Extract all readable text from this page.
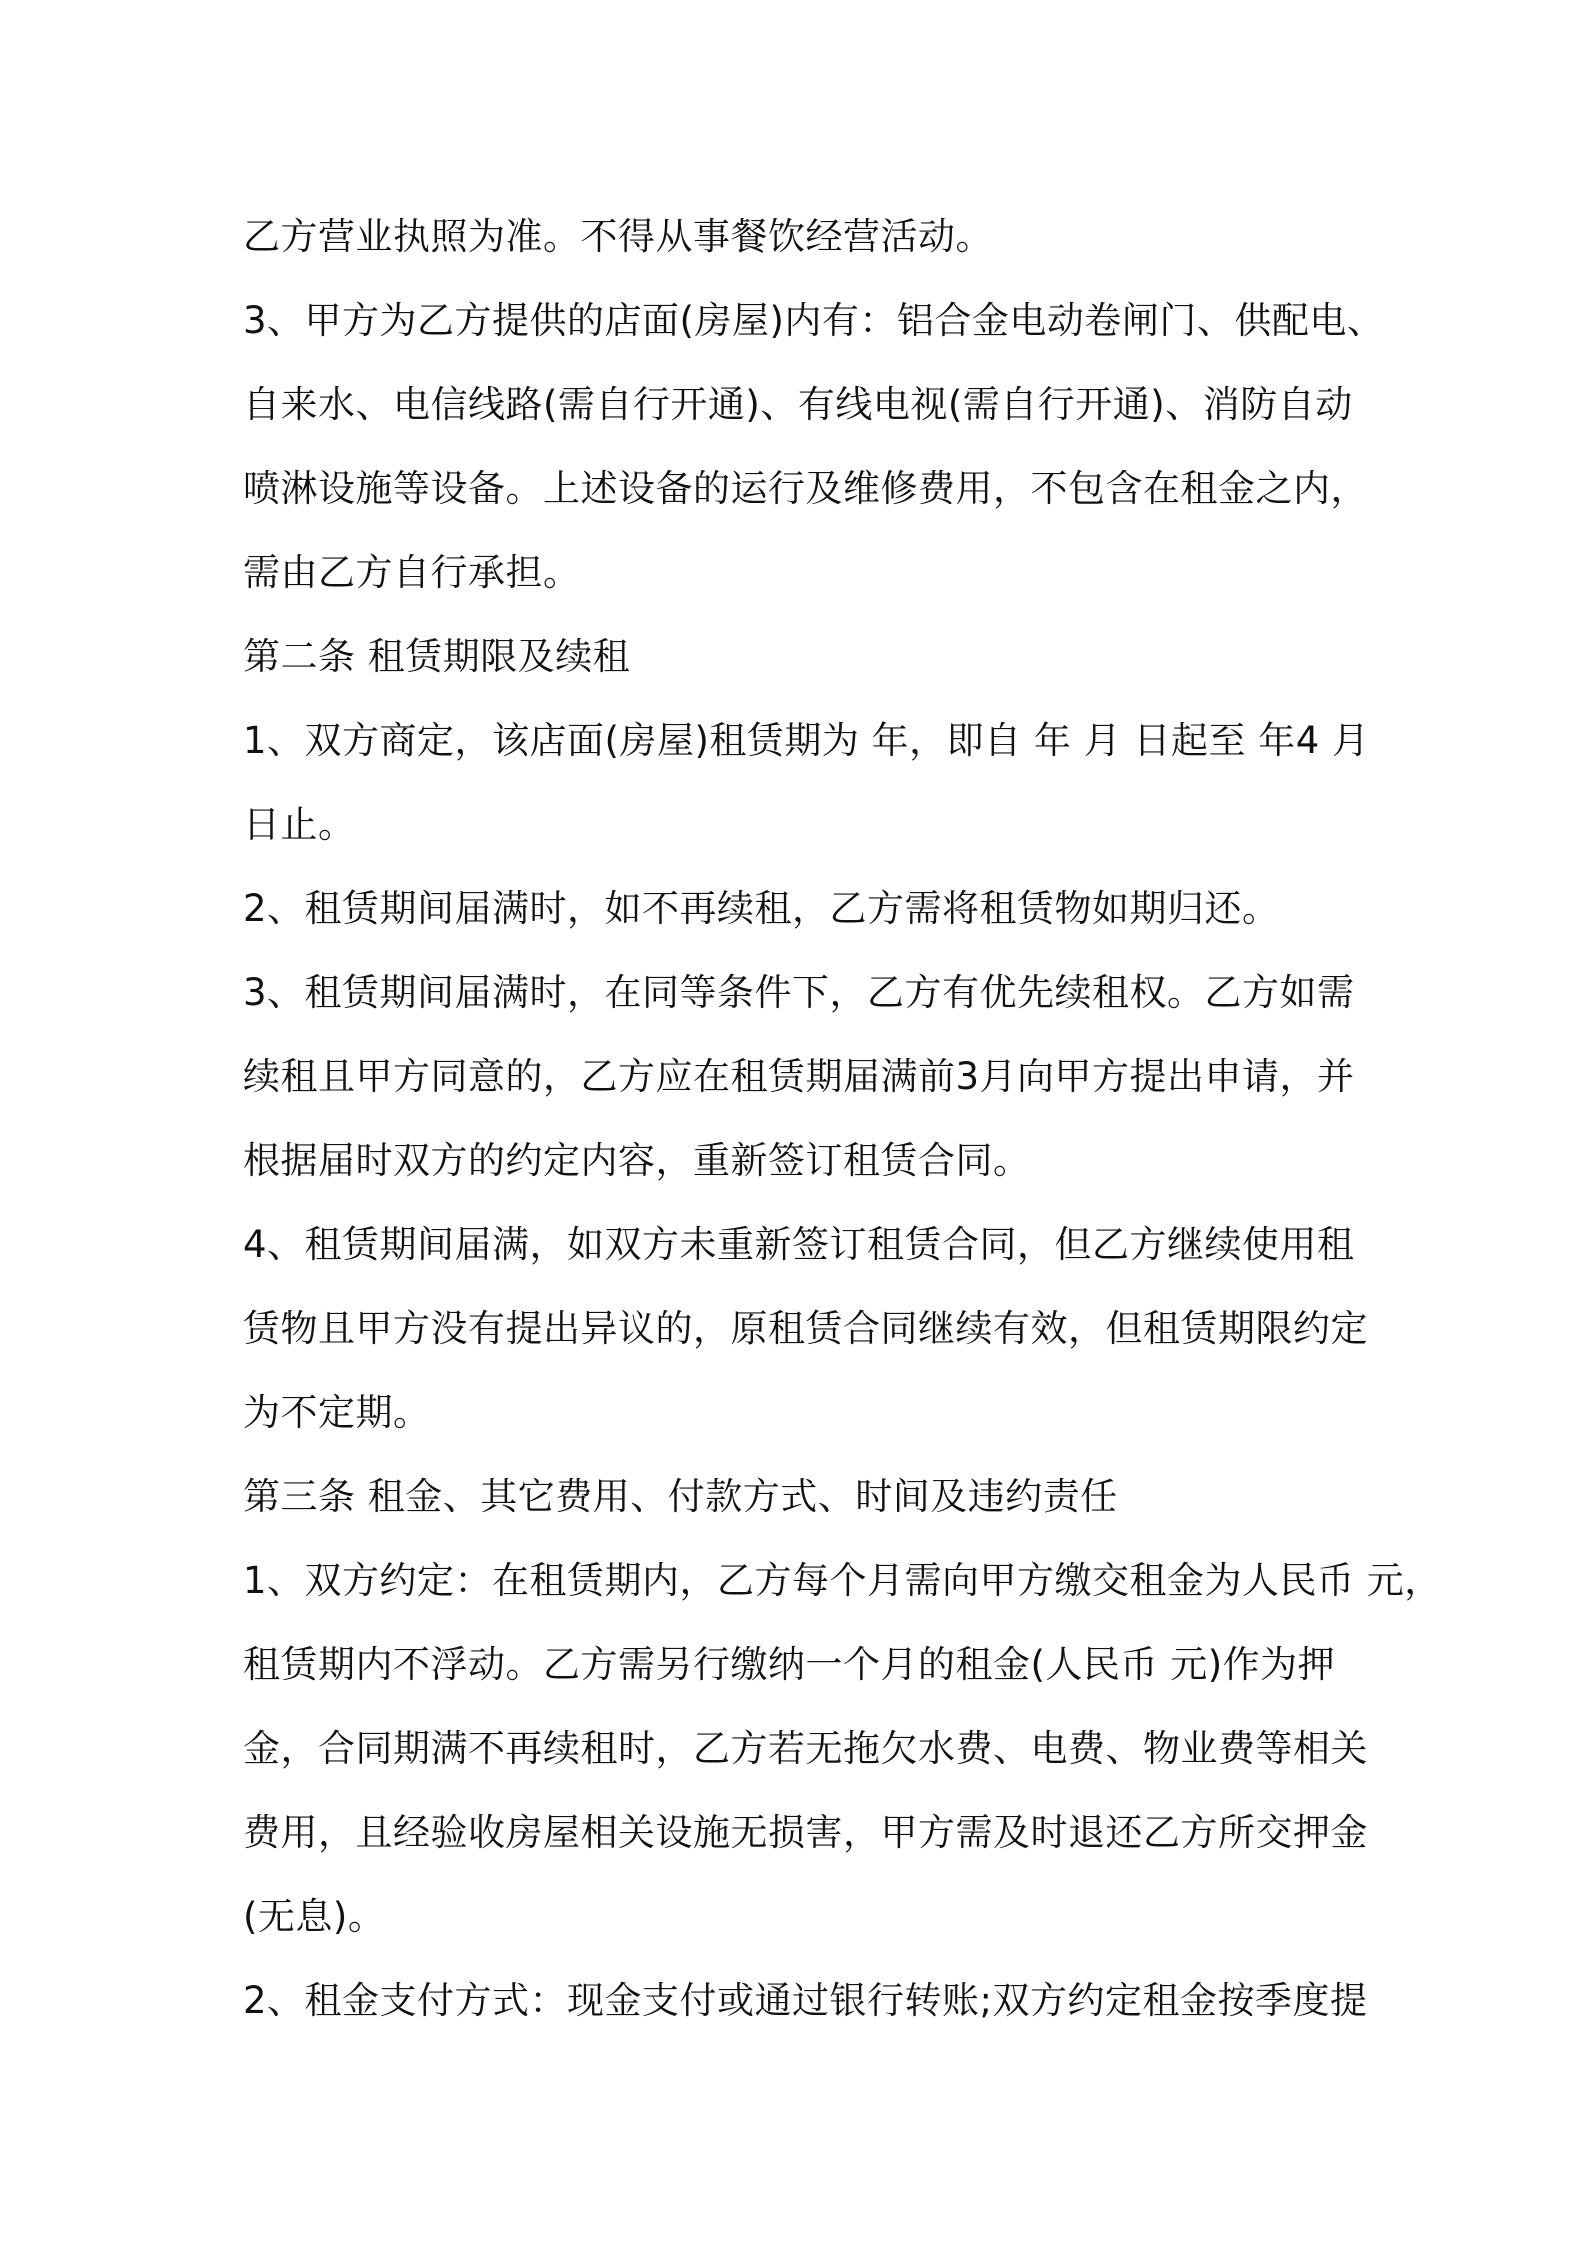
乙方营业执照为准。不得从事餐饮经营活动。

3、甲方为乙方提供的店面(房屋)内有：铝合金电动卷闸门、供配电、

自来水、电信线路(需自行开通)、有线电视(需自行开通)、消防自动

喷淋设施等设备。上述设备的运行及维修费用，不包含在租金之内，

需由乙方自行承担。

第二条 租赁期限及续租

1、双方商定，该店面(房屋)租赁期为 年，即自 年 月 日起至 年4 月

日止。

2、租赁期间届满时，如不再续租，乙方需将租赁物如期归还。

3、租赁期间届满时，在同等条件下，乙方有优先续租权。乙方如需

续租且甲方同意的，乙方应在租赁期届满前3月向甲方提出申请，并

根据届时双方的约定内容，重新签订租赁合同。

4、租赁期间届满，如双方未重新签订租赁合同，但乙方继续使用租

赁物且甲方没有提出异议的，原租赁合同继续有效，但租赁期限约定

为不定期。

第三条 租金、其它费用、付款方式、时间及违约责任

1、双方约定：在租赁期内，乙方每个月需向甲方缴交租金为人民币 元，

租赁期内不浮动。乙方需另行缴纳一个月的租金(人民币 元)作为押

金，合同期满不再续租时，乙方若无拖欠水费、电费、物业费等相关

费用，且经验收房屋相关设施无损害，甲方需及时退还乙方所交押金

(无息)。

2、租金支付方式：现金支付或通过银行转账;双方约定租金按季度提
